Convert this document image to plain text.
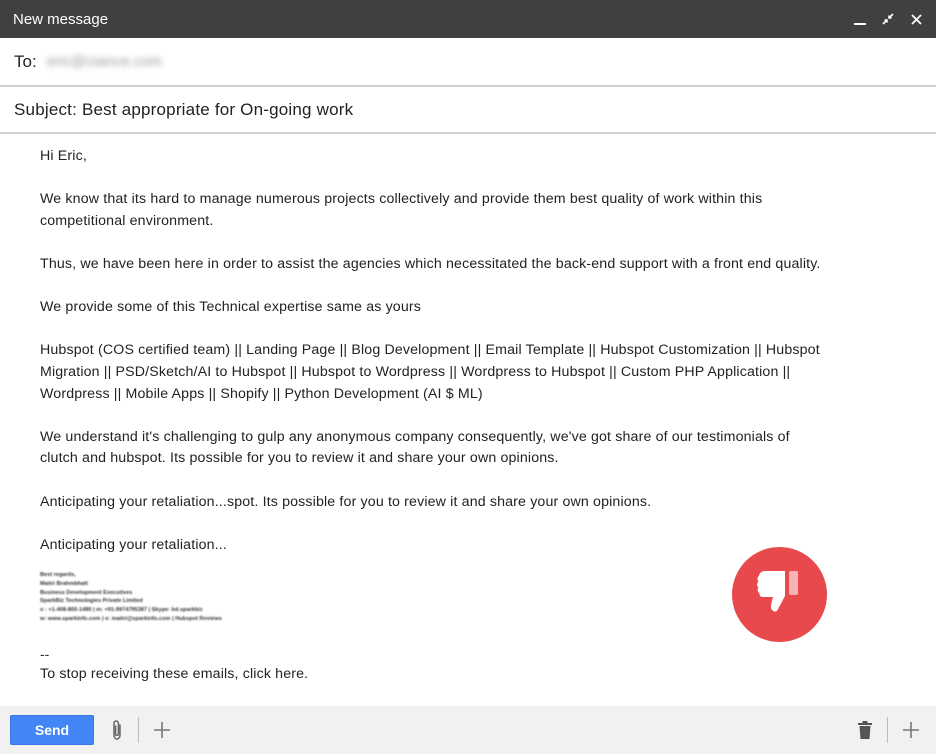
New message
To: eric@ciance.com
Subject: Best appropriate for On-going work

Hi Eric,

We know that its hard to manage numerous projects collectively and provide them best quality of work within this

competitional environment.

Thus, we have been here in order to assist the agencies which necessitated the back-end support with a front end quality.

We provide some of this Technical expertise same as yours

Hubspot (COS certified team) || Landing Page || Blog Development || Email Template || Hubspot Customization || Hubspot

Migration || PSD/Sketch/AI to Hubspot || Hubspot to Wordpress || Wordpress to Hubspot || Custom PHP Application ||

Wordpress || Mobile Apps || Shopify || Python Development (AI $ ML)

We understand it's challenging to gulp any anonymous company consequently, we've got share of our testimonials of

clutch and hubspot. Its possible for you to review it and share your own opinions.

Anticipating your retaliation...spot. Its possible for you to review it and share your own opinions.

Anticipating your retaliation...

Best regards,
Maitri Brahmbhatt
Business Development Executives
SparkBiz Technologies Private Limited
o : +1-408-800-1480 | m: +91-9974795387 | Skype: bd.sparkbiz
w: www.sparkinfo.com | e: maitri@sparkinfo.com | Hubspot Reviews
--
To stop receiving these emails, click here.
Send
